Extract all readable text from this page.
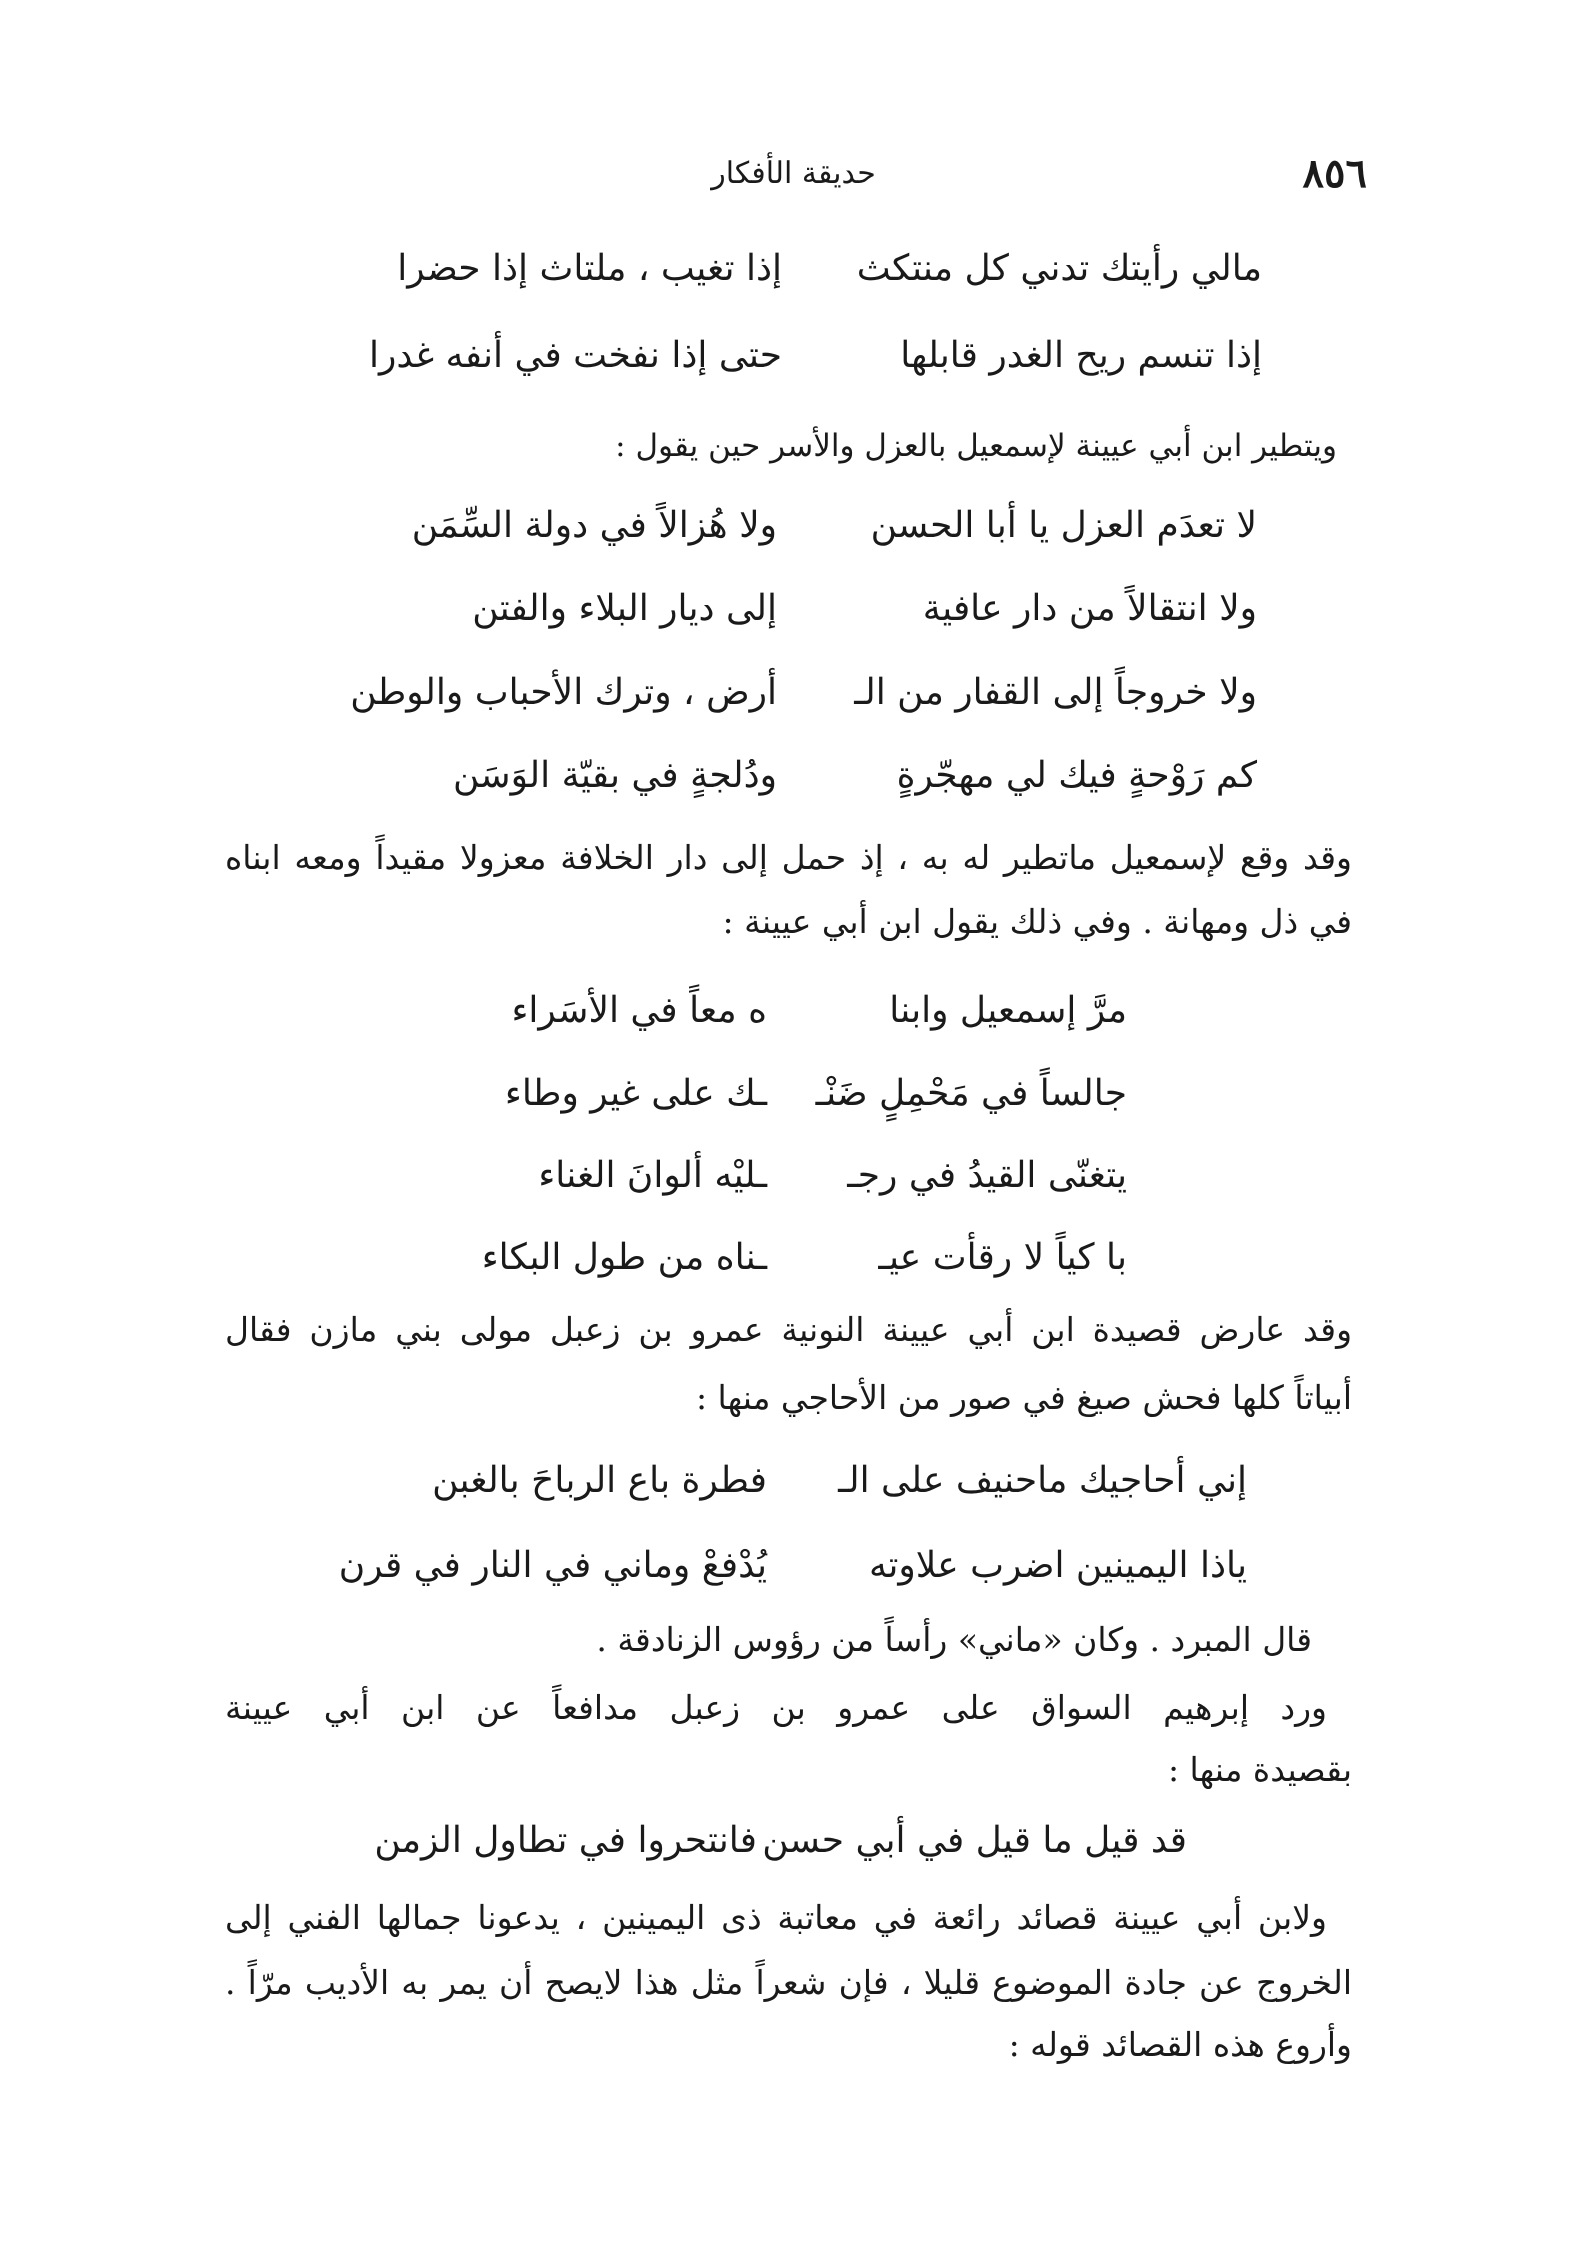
٨٥٦
حديقة الأفكار
مالي رأيتك تدني كل منتكث
إذا تغيب ، ملتاث إذا حضرا
إذا تنسم ريح الغدر قابلها
حتى إذا نفخت في أنفه غدرا
ويتطير ابن أبي عيينة لإسمعيل بالعزل والأسر حين يقول :
لا تعدَم العزل يا أبا الحسن
ولا هُزالاً في دولة السِّمَن
ولا انتقالاً من دار عافية
إلى ديار البلاء والفتن
ولا خروجاً إلى القفار من الـ
أرض ، وترك الأحباب والوطن
كم رَوْحةٍ فيك لي مهجّرةٍ
ودُلجةٍ في بقيّة الوَسَن
وقد وقع لإسمعيل ماتطير له به ، إذ حمل إلى دار الخلافة معزولا مقيداً ومعه ابناه
في ذل ومهانة . وفي ذلك يقول ابن أبي عيينة :
مرَّ إسمعيل وابنا
ه معاً في الأسَراء
جالساً في مَحْمِلٍ ضَنْـ
ـك على غير وطاء
يتغنّى القيدُ في رجـ
ـليْه ألوانَ الغناء
با كياً لا رقأت عيـ
ـناه من طول البكاء
وقد عارض قصيدة ابن أبي عيينة النونية عمرو بن زعبل مولى بني مازن فقال
أبياتاً كلها فحش صيغ في صور من الأحاجي منها :
إني أحاجيك ماحنيف على الـ
فطرة باع الرباحَ بالغبن
ياذا اليمينين اضرب علاوته
يُدْفعْ وماني في النار في قرن
قال المبرد . وكان «ماني» رأساً من رؤوس الزنادقة .
ورد إبرهيم السواق على عمرو بن زعبل مدافعاً عن ابن أبي عيينة
بقصيدة منها :
قد قيل ما قيل في أبي حسن
فانتحروا في تطاول الزمن
ولابن أبي عيينة قصائد رائعة في معاتبة ذى اليمينين ، يدعونا جمالها الفني إلى
الخروج عن جادة الموضوع قليلا ، فإن شعراً مثل هذا لايصح أن يمر به الأديب مرّاً .
وأروع هذه القصائد قوله :
